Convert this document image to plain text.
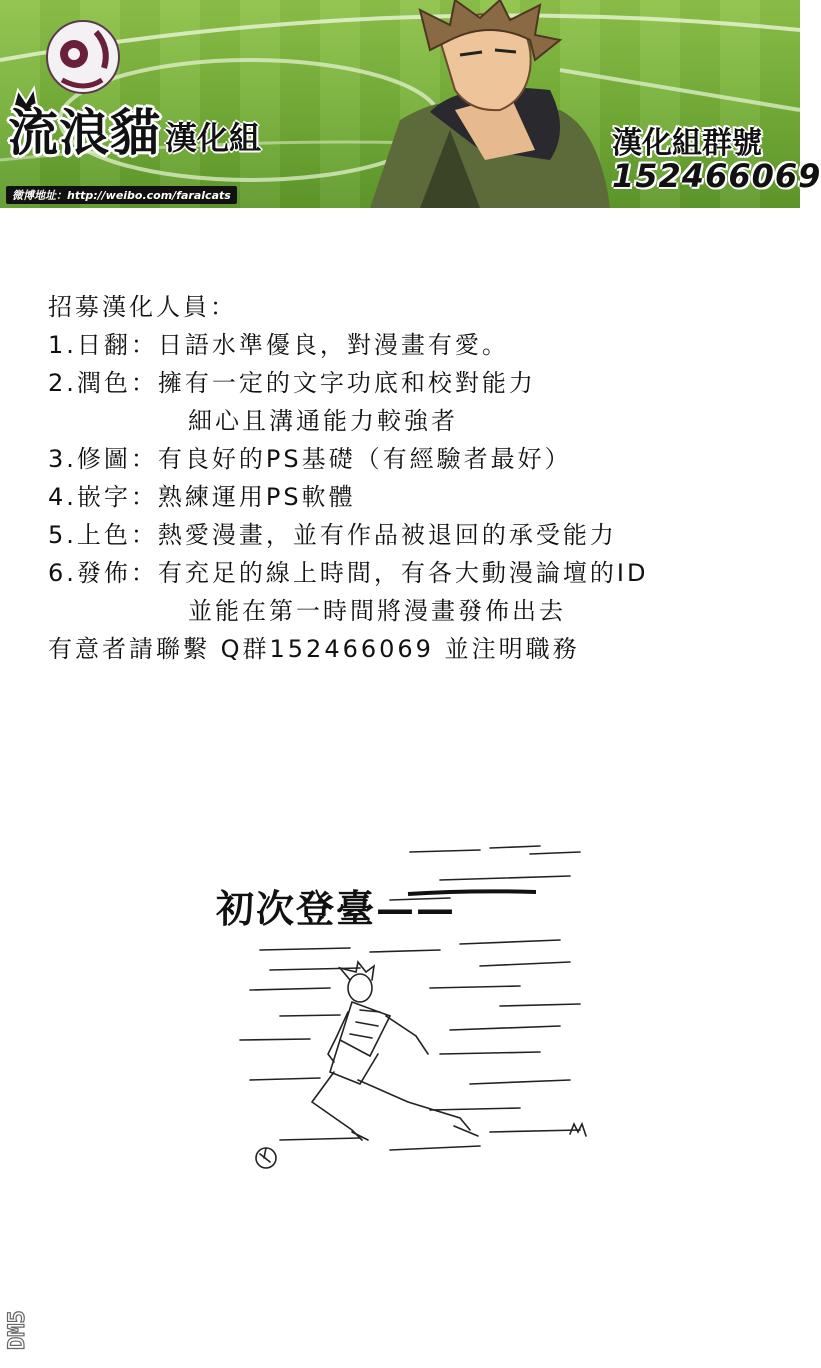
流浪貓 漢化組
微博地址：http://weibo.com/faralcats
漢化組群號
152466069
招募漢化人員：
1.日翻：日語水準優良，對漫畫有愛。
2.潤色：擁有一定的文字功底和校對能力
細心且溝通能力較強者
3.修圖：有良好的PS基礎（有經驗者最好）
4.嵌字：熟練運用PS軟體
5.上色：熱愛漫畫，並有作品被退回的承受能力
6.發佈：有充足的線上時間，有各大動漫論壇的ID
並能在第一時間將漫畫發佈出去
有意者請聯繫 Q群152466069 並注明職務
初次登臺——
DM5
